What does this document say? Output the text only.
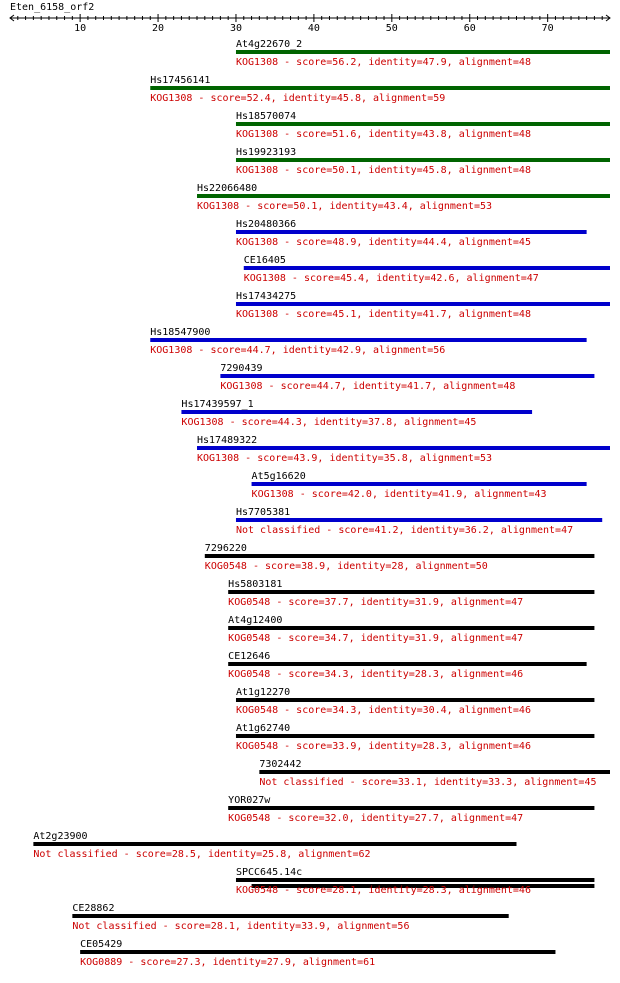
Eten_6158_orf2
10	20	30	40	50	60	70
At4g22670_2
KOG1308 - score=56.2, identity=47.9, alignment=48
Hs17456141
KOG1308 - score=52.4, identity=45.8, alignment=59
Hs18570074
KOG1308 - score=51.6, identity=43.8, alignment=48
Hs19923193
KOG1308 - score=50.1, identity=45.8, alignment=48
Hs22066480
KOG1308 - score=50.1, identity=43.4, alignment=53
Hs20480366
KOG1308 - score=48.9, identity=44.4, alignment=45
CE16405
KOG1308 - score=45.4, identity=42.6, alignment=47
Hs17434275
KOG1308 - score=45.1, identity=41.7, alignment=48
Hs18547900
KOG1308 - score=44.7, identity=42.9, alignment=56
7290439
KOG1308 - score=44.7, identity=41.7, alignment=48
Hs17439597_1
KOG1308 - score=44.3, identity=37.8, alignment=45
Hs17489322
KOG1308 - score=43.9, identity=35.8, alignment=53
At5g16620
KOG1308 - score=42.0, identity=41.9, alignment=43
Hs7705381
Not classified - score=41.2, identity=36.2, alignment=47
7296220
KOG0548 - score=38.9, identity=28, alignment=50
Hs5803181
KOG0548 - score=37.7, identity=31.9, alignment=47
At4g12400
KOG0548 - score=34.7, identity=31.9, alignment=47
CE12646
KOG0548 - score=34.3, identity=28.3, alignment=46
At1g12270
KOG0548 - score=34.3, identity=30.4, alignment=46
At1g62740
KOG0548 - score=33.9, identity=28.3, alignment=46
7302442
Not classified - score=33.1, identity=33.3, alignment=45
YOR027w
KOG0548 - score=32.0, identity=27.7, alignment=47
At2g23900
Not classified - score=28.5, identity=25.8, alignment=62
SPCC645.14c
KOG0548 - score=28.1, identity=28.3, alignment=46
CE28862
Not classified - score=28.1, identity=33.9, alignment=56
CE05429
KOG0889 - score=27.3, identity=27.9, alignment=61
